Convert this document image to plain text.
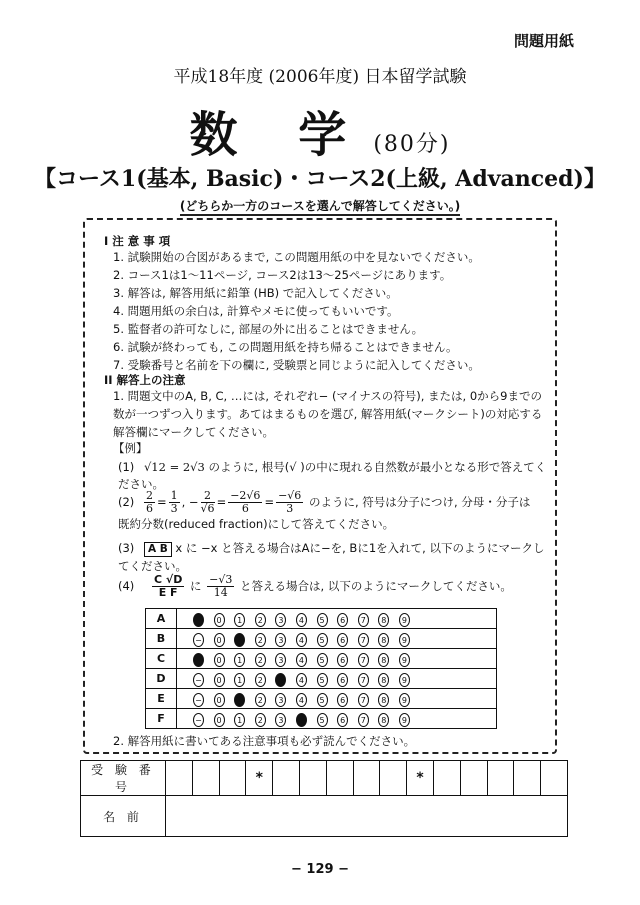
問題用紙
平成18年度 (2006年度) 日本留学試験
数 学 (80分)
【コース1(基本, Basic)・コース2(上級, Advanced)】
(どちらか一方のコースを選んで解答してください。)
I 注 意 事 項
1. 試験開始の合図があるまで, この問題用紙の中を見ないでください。
2. コース1は1〜11ページ, コース2は13〜25ページにあります。
3. 解答は, 解答用紙に鉛筆 (HB) で記入してください。
4. 問題用紙の余白は, 計算やメモに使ってもいいです。
5. 監督者の許可なしに, 部屋の外に出ることはできません。
6. 試験が終わっても, この問題用紙を持ち帰ることはできません。
7. 受験番号と名前を下の欄に, 受験票と同じように記入してください。
II 解答上の注意
1. 問題文中のA, B, C, …には, それぞれ− (マイナスの符号), または, 0から9までの数が一つずつ入ります。あてはまるものを選び, 解答用紙(マークシート)の対応する解答欄にマークしてください。
【例】
(1) √12 = 2√3 のように, 根号(√ )の中に現れる自然数が最小となる形で答えてください。
$(2) \frac{2}{6} = \frac{1}{3}$ , − $\frac{2}{√6} = \frac{-2√6}{6} = \frac{-√6}{3}$ のように, 符号は分子につけ, 分母・分子は既約分数(reduced fraction)にして答えてください。
(3) A B x に −x と答える場合はAに−を, Bに1を入れて, 以下のようにマークしてください。
$(4) \frac{C √D}{\text{E F}}$ に $\frac{-√3}{14}$ と答える場合は, 以下のようにマークしてください。
A	− 0 1 2 3 4 5 6 7 8 9
B	− 0 1 2 3 4 5 6 7 8 9
C	− 0 1 2 3 4 5 6 7 8 9
D	− 0 1 2 3 4 5 6 7 8 9
E	− 0 1 2 3 4 5 6 7 8 9
F	− 0 1 2 3 4 5 6 7 8 9
2. 解答用紙に書いてある注意事項も必ず読んでください。
受 験 番 号				*						*					
名 前															
− 129 −
